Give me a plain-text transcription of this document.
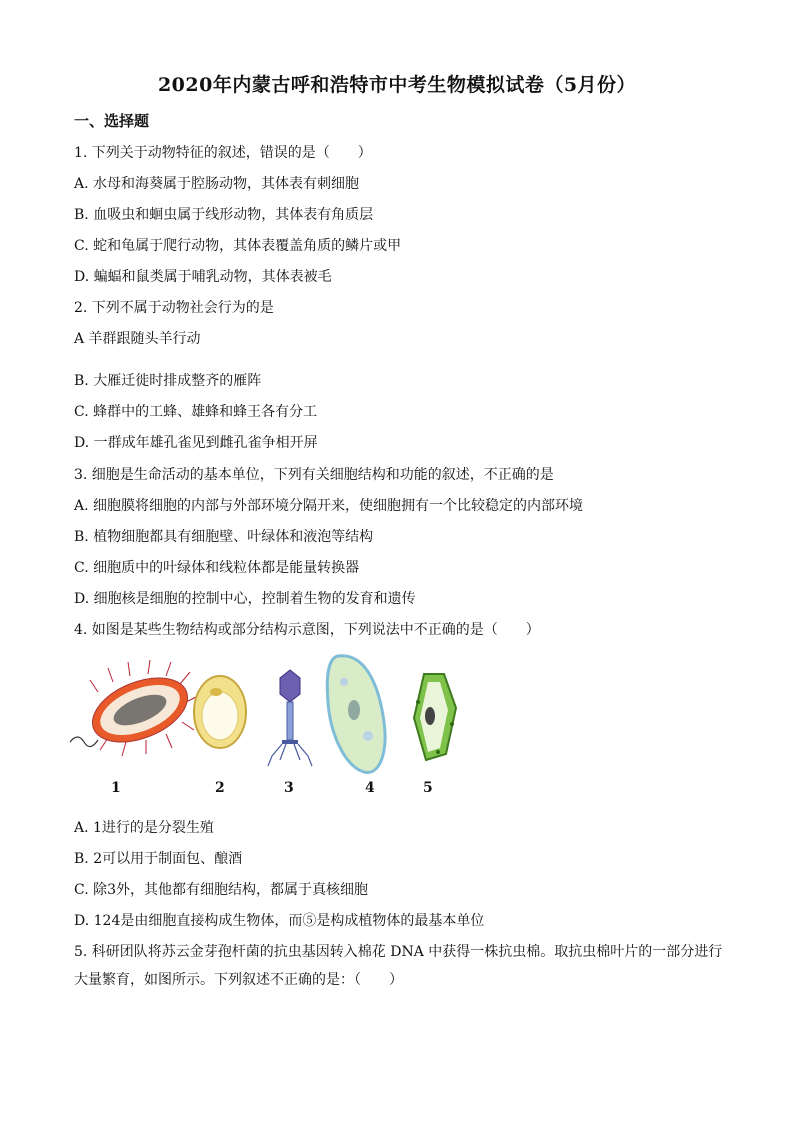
2020年内蒙古呼和浩特市中考生物模拟试卷（5月份）
一、选择题
1. 下列关于动物特征的叙述，错误的是（　　）
A. 水母和海葵属于腔肠动物，其体表有刺细胞
B. 血吸虫和蛔虫属于线形动物，其体表有角质层
C. 蛇和龟属于爬行动物，其体表覆盖角质的鳞片或甲
D. 蝙蝠和鼠类属于哺乳动物，其体表被毛
2. 下列不属于动物社会行为的是
A 羊群跟随头羊行动
B. 大雁迁徙时排成整齐的雁阵
C. 蜂群中的工蜂、雄蜂和蜂王各有分工
D. 一群成年雄孔雀见到雌孔雀争相开屏
3. 细胞是生命活动的基本单位，下列有关细胞结构和功能的叙述，不正确的是
A. 细胞膜将细胞的内部与外部环境分隔开来，使细胞拥有一个比较稳定的内部环境
B. 植物细胞都具有细胞壁、叶绿体和液泡等结构
C. 细胞质中的叶绿体和线粒体都是能量转换器
D. 细胞核是细胞的控制中心，控制着生物的发育和遗传
4. 如图是某些生物结构或部分结构示意图，下列说法中不正确的是（　　）
1	2	3	4	5
A. 1进行的是分裂生殖
B. 2可以用于制面包、酿酒
C. 除3外，其他都有细胞结构，都属于真核细胞
D. 124是由细胞直接构成生物体，而⑤是构成植物体的最基本单位
5. 科研团队将苏云金芽孢杆菌的抗虫基因转入棉花 DNA 中获得一株抗虫棉。取抗虫棉叶片的一部分进行大量繁育，如图所示。下列叙述不正确的是：（　　）
